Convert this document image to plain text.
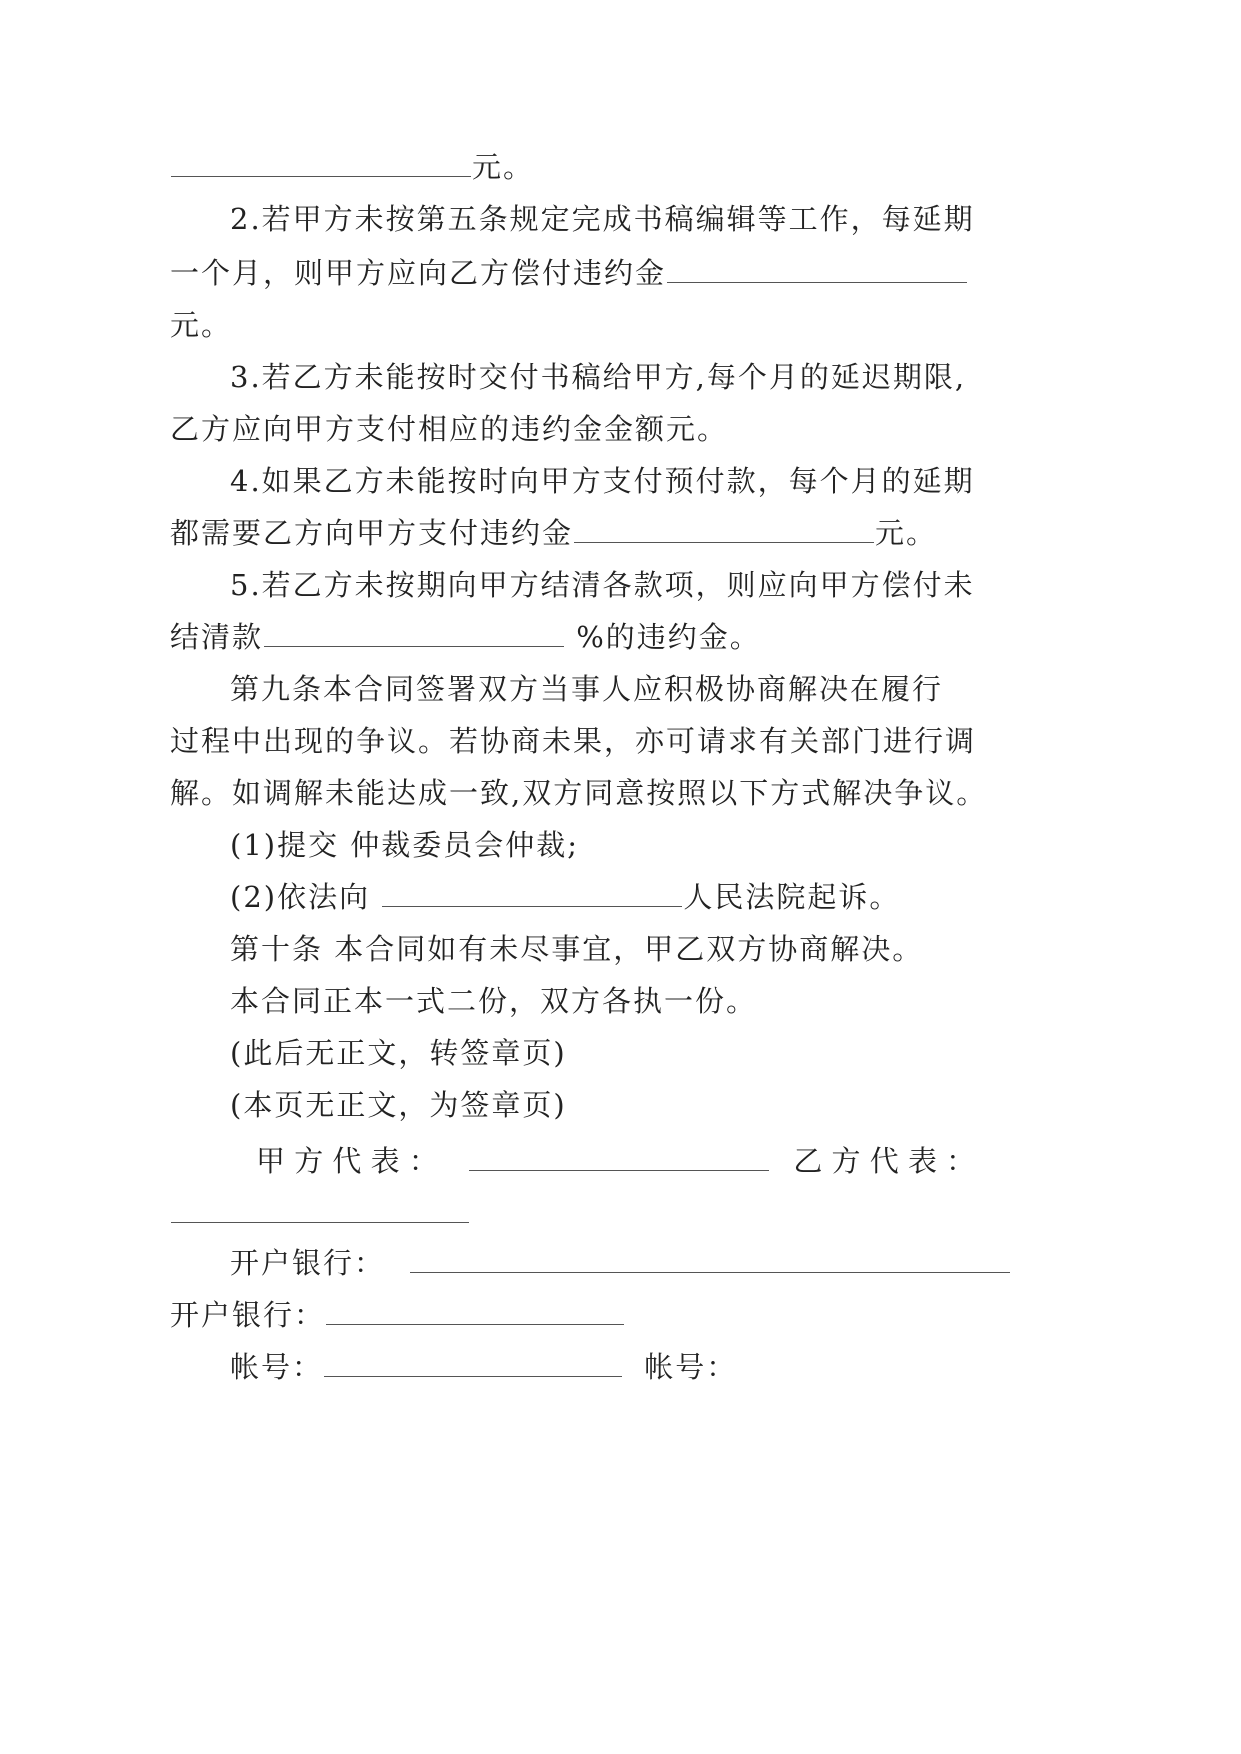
元。
2.若甲方未按第五条规定完成书稿编辑等工作，每延期
一个月，则甲方应向乙方偿付违约金
元。
3.若乙方未能按时交付书稿给甲方,每个月的延迟期限,
乙方应向甲方支付相应的违约金金额元。
4.如果乙方未能按时向甲方支付预付款，每个月的延期
都需要乙方向甲方支付违约金	元。
5.若乙方未按期向甲方结清各款项，则应向甲方偿付未
结清款	%的违约金。
第九条本合同签署双方当事人应积极协商解决在履行
过程中出现的争议。若协商未果，亦可请求有关部门进行调
解。如调解未能达成一致,双方同意按照以下方式解决争议。
(1)提交 仲裁委员会仲裁;
(2)依法向	人民法院起诉。
第十条 本合同如有未尽事宜，甲乙双方协商解决。
本合同正本一式二份，双方各执一份。
(此后无正文，转签章页)
(本页无正文，为签章页)
甲 方 代 表 ：	乙 方 代 表 ：
开户银行：
开户银行：
帐号：	帐号：
